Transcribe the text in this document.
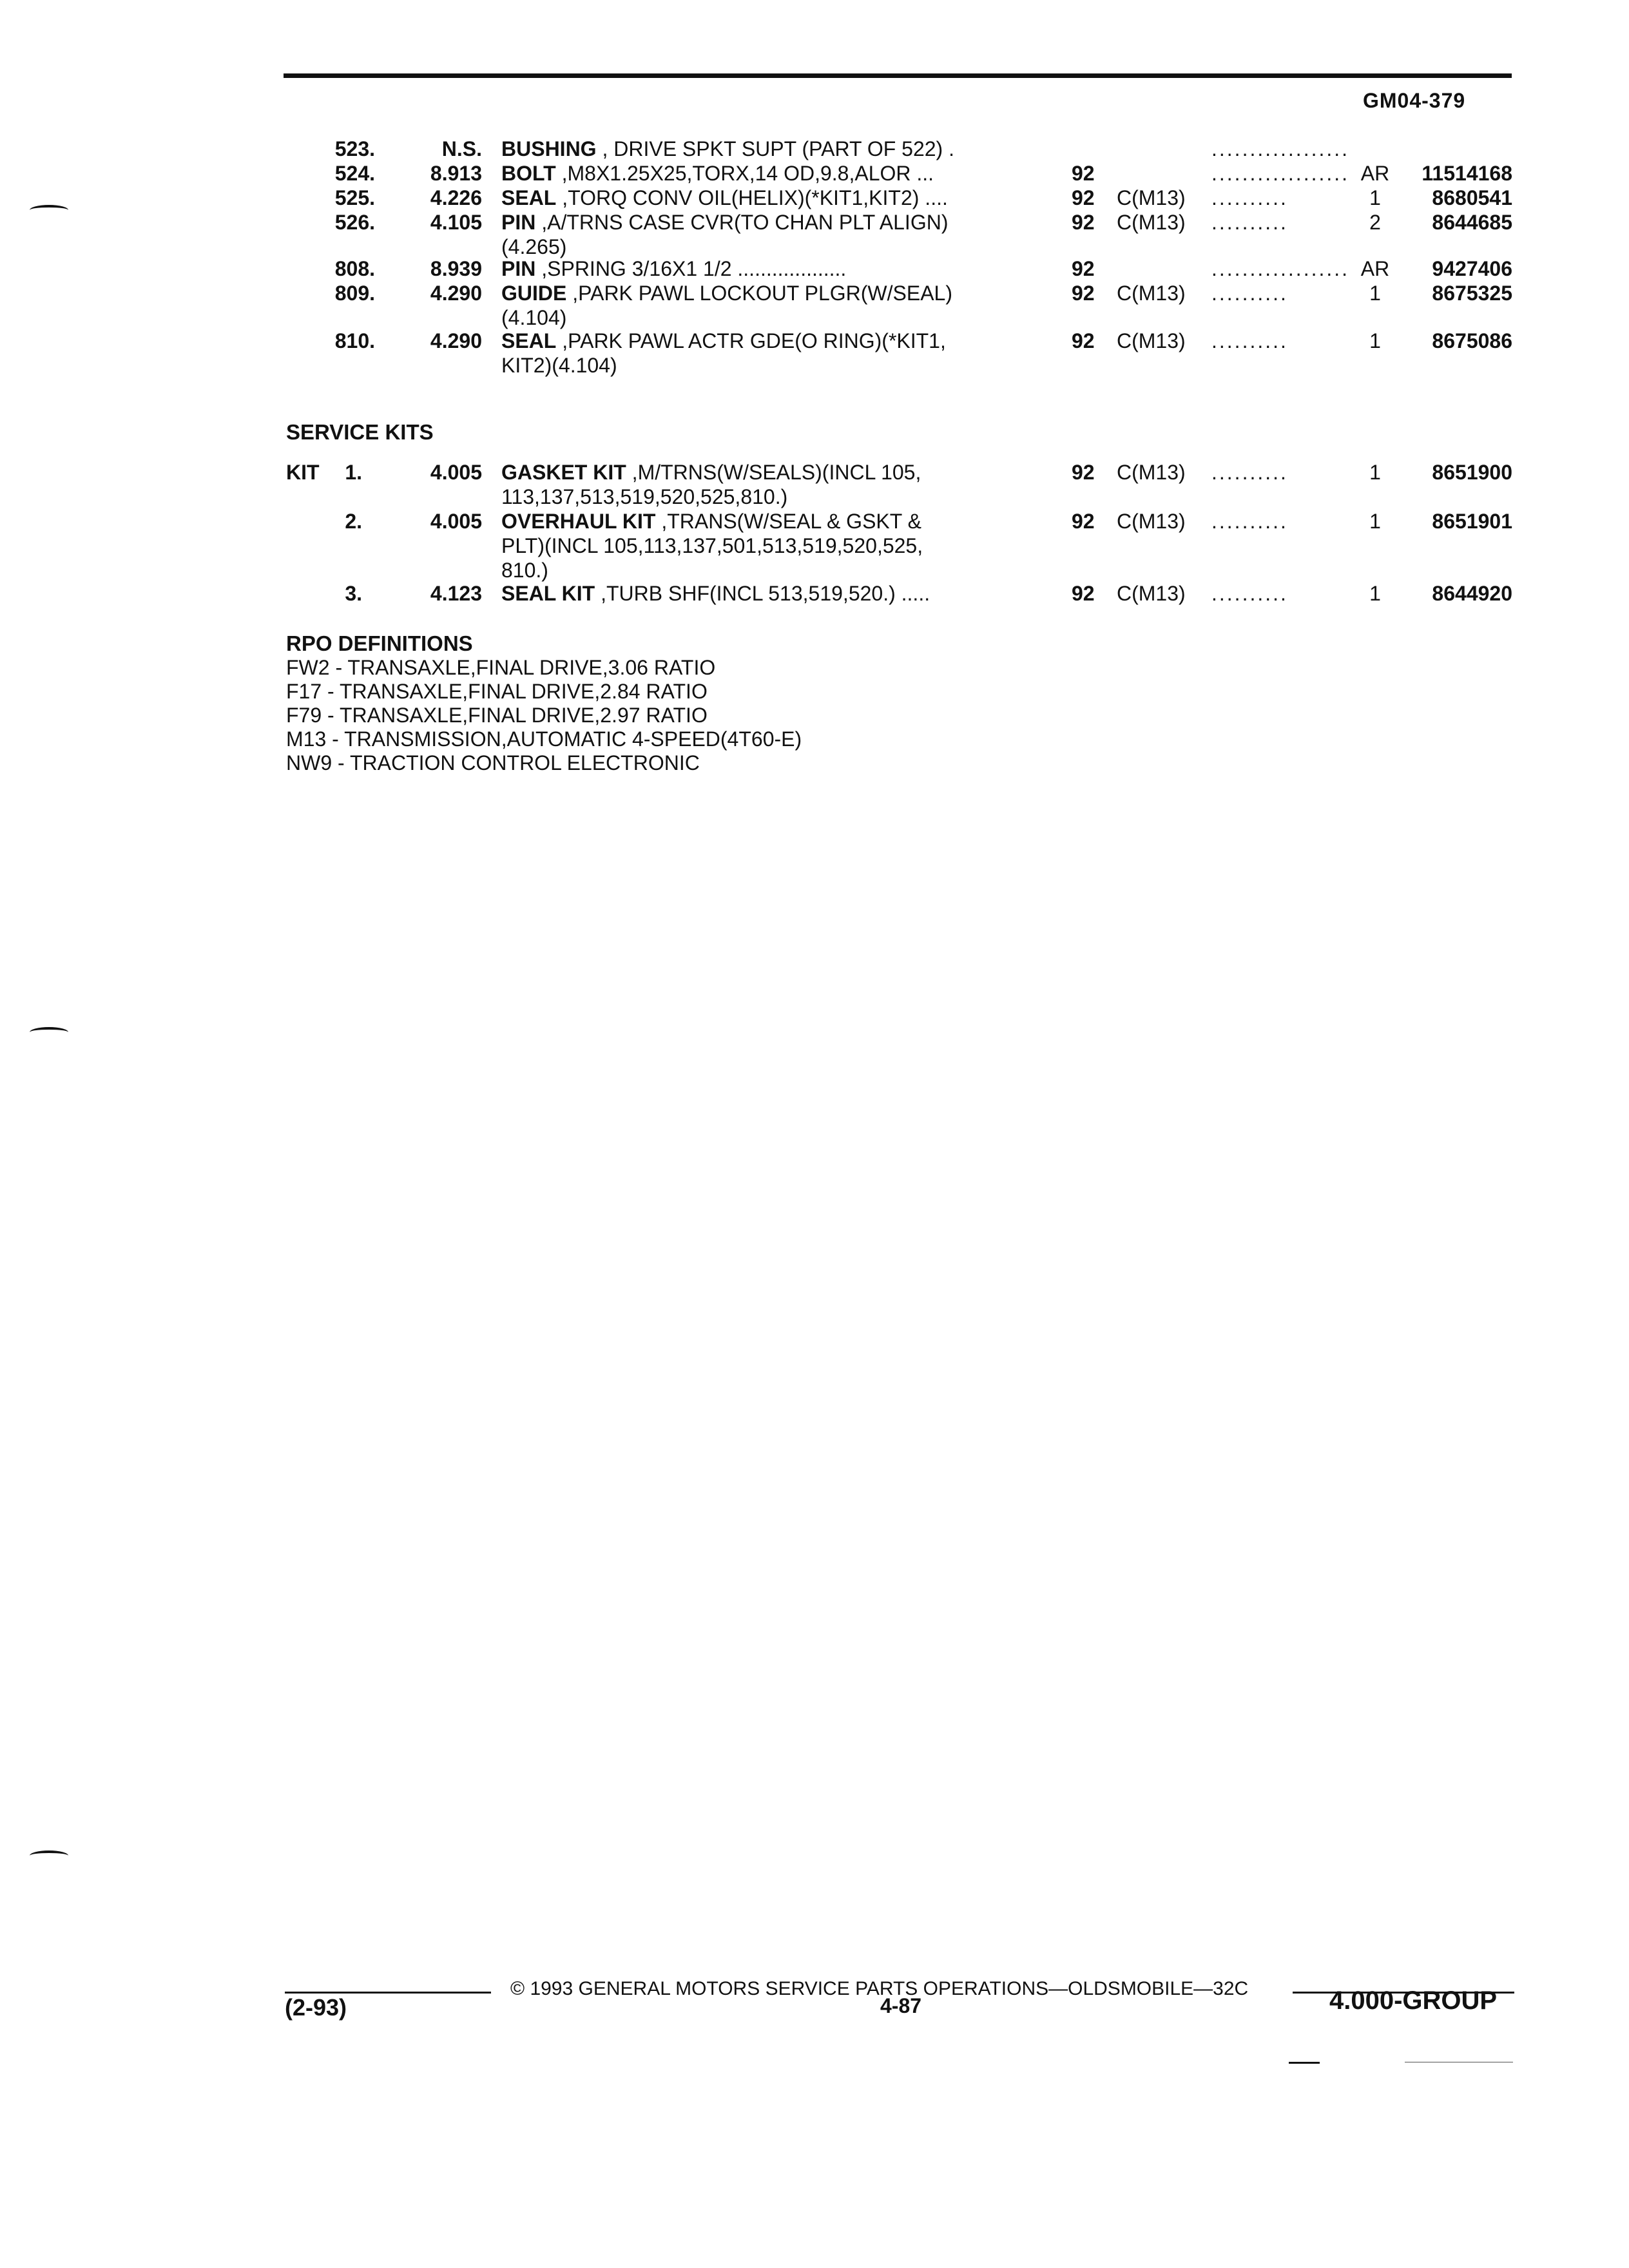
GM04-379
523.	N.S. BUSHING , DRIVE SPKT SUPT (PART OF 522) .	..................
524.	8.913 BOLT ,M8X1.25X25,TORX,14 OD,9.8,ALOR ...	92	.................. AR	11514168
525.	4.226 SEAL ,TORQ CONV OIL(HELIX)(*KIT1,KIT2) ....	92 C(M13) ..........	1	8680541
526.	4.105 PIN ,A/TRNS CASE CVR(TO CHAN PLT ALIGN)
(4.265)
92 C(M13) ..........	2	8644685
808.	8.939 PIN ,SPRING 3/16X1 1/2 ...................	92	.................. AR	9427406
809.	4.290 GUIDE ,PARK PAWL LOCKOUT PLGR(W/SEAL)
(4.104)
92 C(M13) ..........	1	8675325
810.	4.290 SEAL ,PARK PAWL ACTR GDE(O RING)(*KIT1,
KIT2)(4.104)
92 C(M13) ..........	1	8675086
SERVICE KITS
KIT	1.	4.005 GASKET KIT ,M/TRNS(W/SEALS)(INCL 105,
113,137,513,519,520,525,810.)
92 C(M13) ..........	1	8651900
2.	4.005 OVERHAUL KIT ,TRANS(W/SEAL & GSKT &
PLT)(INCL 105,113,137,501,513,519,520,525,
810.)
92 C(M13) ..........	1	8651901
3.	4.123 SEAL KIT ,TURB SHF(INCL 513,519,520.) .....	92 C(M13) ..........	1	8644920
RPO DEFINITIONS
FW2 - TRANSAXLE,FINAL DRIVE,3.06 RATIO
F17 - TRANSAXLE,FINAL DRIVE,2.84 RATIO
F79 - TRANSAXLE,FINAL DRIVE,2.97 RATIO
M13 - TRANSMISSION,AUTOMATIC 4-SPEED(4T60-E)
NW9 - TRACTION CONTROL ELECTRONIC
© 1993 GENERAL MOTORS SERVICE PARTS OPERATIONS—OLDSMOBILE—32C
(2-93)	4-87	4.000-GROUP
